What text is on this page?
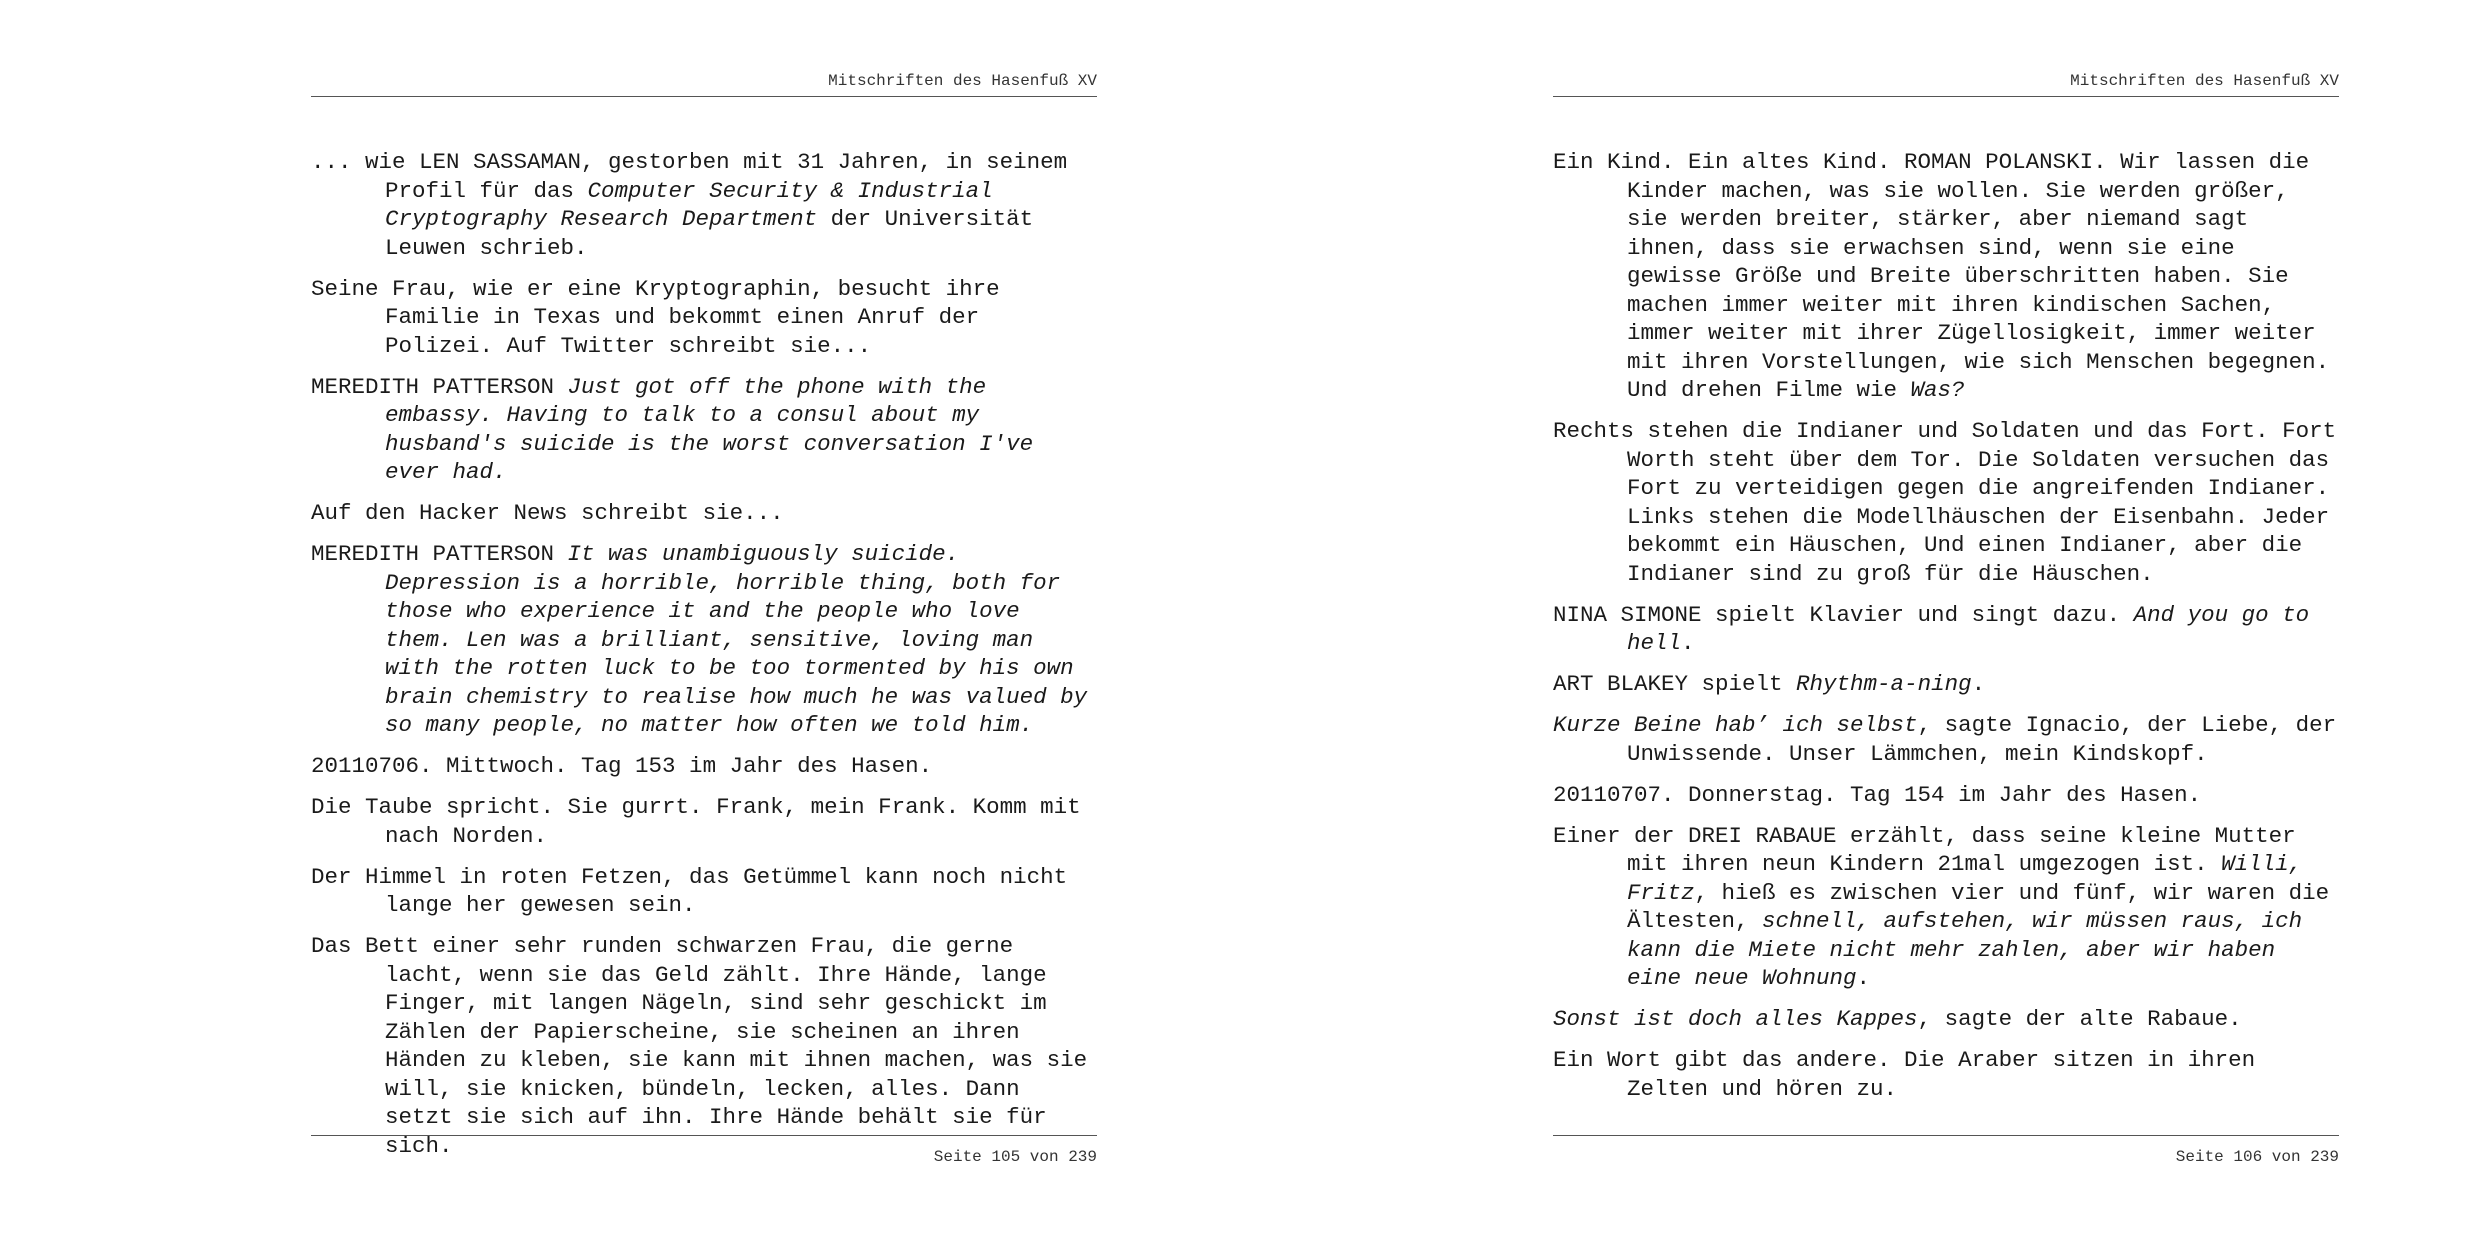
Mitschriften des Hasenfuß XV

... wie LEN SASSAMAN, gestorben mit 31 Jahren, in seinem Profil für das Computer Security & Industrial Cryptography Research Department der Universität Leuwen schrieb.

Seine Frau, wie er eine Kryptographin, besucht ihre Familie in Texas und bekommt einen Anruf der Polizei. Auf Twitter schreibt sie...

MEREDITH PATTERSON Just got off the phone with the embassy. Having to talk to a consul about my husband's suicide is the worst conversation I've ever had.

Auf den Hacker News schreibt sie...

MEREDITH PATTERSON It was unambiguously suicide. Depression is a horrible, horrible thing, both for those who experience it and the people who love them. Len was a brilliant, sensitive, loving man with the rotten luck to be too tormented by his own brain chemistry to realise how much he was valued by so many people, no matter how often we told him.

20110706. Mittwoch. Tag 153 im Jahr des Hasen.

Die Taube spricht. Sie gurrt. Frank, mein Frank. Komm mit nach Norden.

Der Himmel in roten Fetzen, das Getümmel kann noch nicht lange her gewesen sein.

Das Bett einer sehr runden schwarzen Frau, die gerne lacht, wenn sie das Geld zählt. Ihre Hände, lange Finger, mit langen Nägeln, sind sehr geschickt im Zählen der Papierscheine, sie scheinen an ihren Händen zu kleben, sie kann mit ihnen machen, was sie will, sie knicken, bündeln, lecken, alles. Dann setzt sie sich auf ihn. Ihre Hände behält sie für sich.	Seite 105 von 239
Mitschriften des Hasenfuß XV

Ein Kind. Ein altes Kind. ROMAN POLANSKI. Wir lassen die Kinder machen, was sie wollen. Sie werden größer, sie werden breiter, stärker, aber niemand sagt ihnen, dass sie erwachsen sind, wenn sie eine gewisse Größe und Breite überschritten haben. Sie machen immer weiter mit ihren kindischen Sachen, immer weiter mit ihrer Zügellosigkeit, immer weiter mit ihren Vorstellungen, wie sich Menschen begegnen. Und drehen Filme wie Was?

Rechts stehen die Indianer und Soldaten und das Fort. Fort Worth steht über dem Tor. Die Soldaten versuchen das Fort zu verteidigen gegen die angreifenden Indianer. Links stehen die Modellhäuschen der Eisenbahn. Jeder bekommt ein Häuschen, Und einen Indianer, aber die Indianer sind zu groß für die Häuschen.

NINA SIMONE spielt Klavier und singt dazu. And you go to hell.

ART BLAKEY spielt Rhythm-a-ning.

Kurze Beine hab’ ich selbst, sagte Ignacio, der Liebe, der Unwissende. Unser Lämmchen, mein Kindskopf.

20110707. Donnerstag. Tag 154 im Jahr des Hasen.

Einer der DREI RABAUE erzählt, dass seine kleine Mutter mit ihren neun Kindern 21mal umgezogen ist. Willi, Fritz, hieß es zwischen vier und fünf, wir waren die Ältesten, schnell, aufstehen, wir müssen raus, ich kann die Miete nicht mehr zahlen, aber wir haben eine neue Wohnung.

Sonst ist doch alles Kappes, sagte der alte Rabaue.

Ein Wort gibt das andere. Die Araber sitzen in ihren Zelten und hören zu.

Seite 106 von 239
